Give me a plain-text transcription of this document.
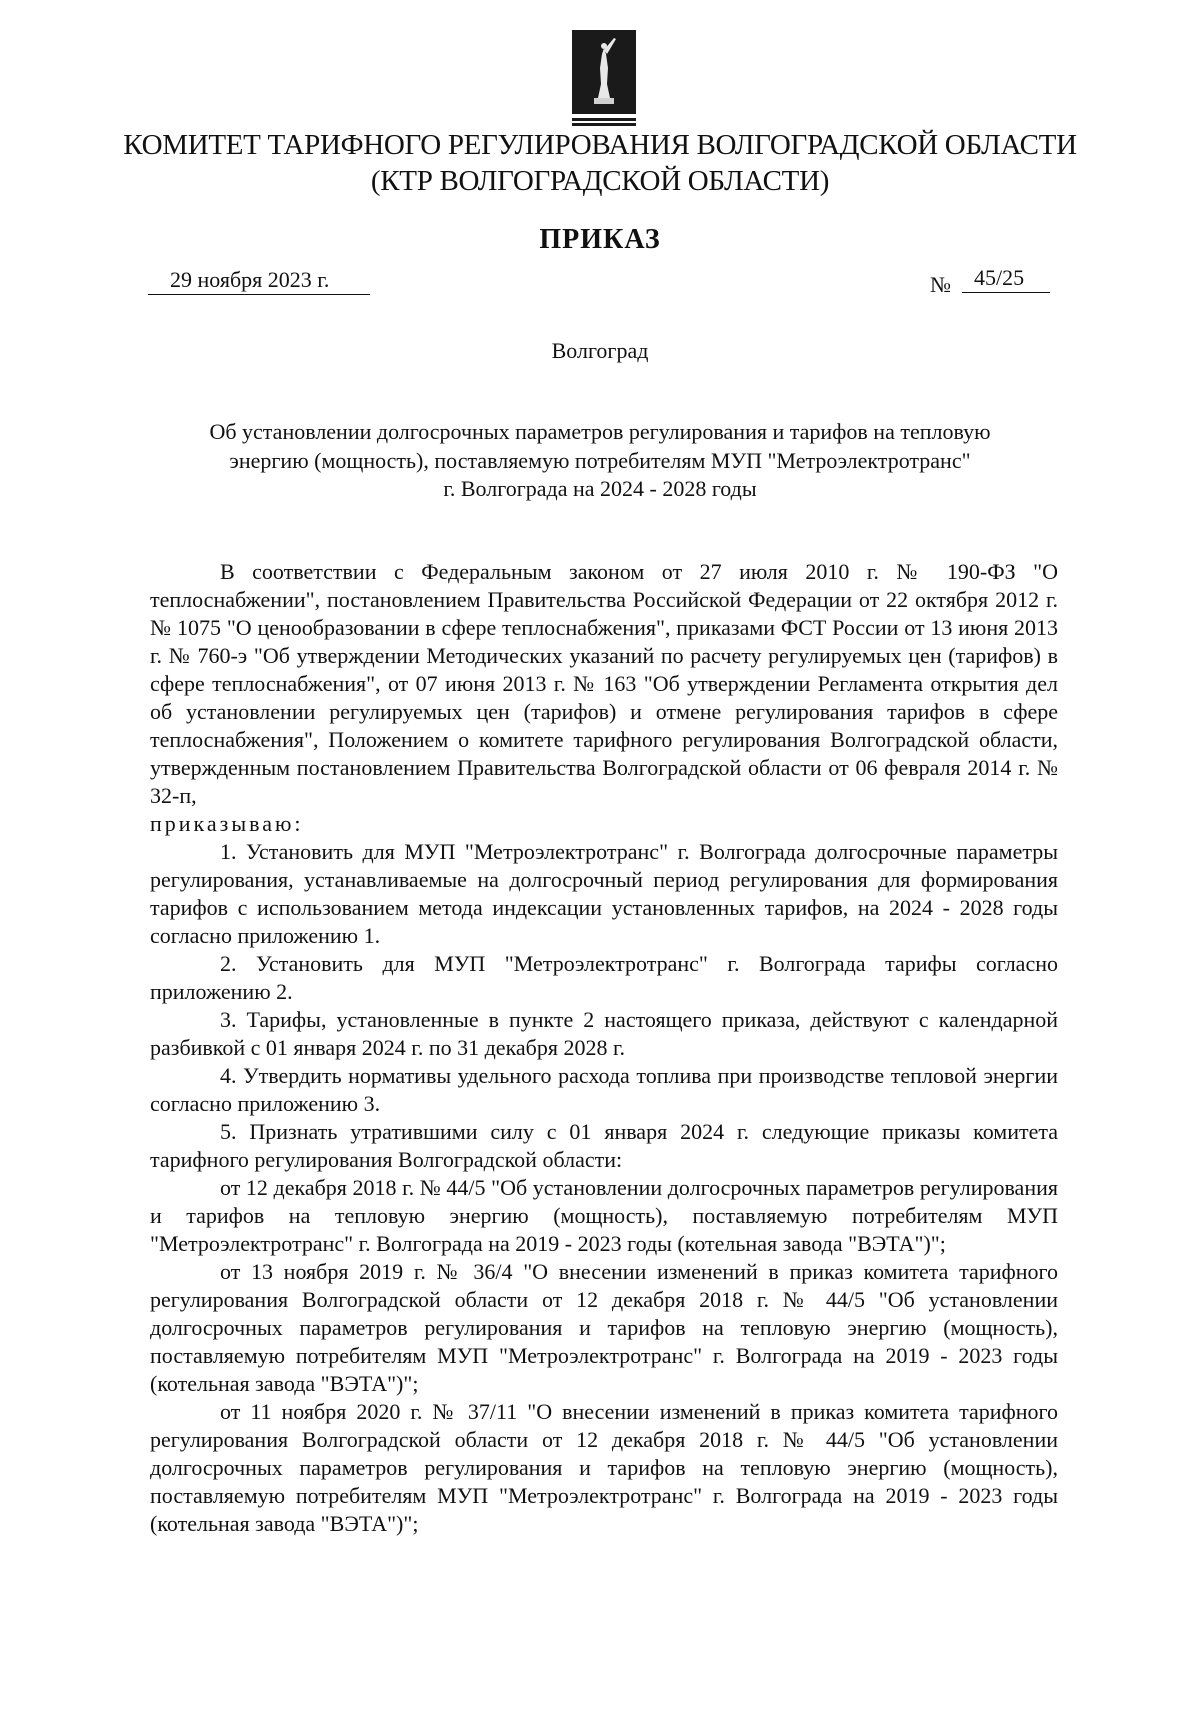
КОМИТЕТ ТАРИФНОГО РЕГУЛИРОВАНИЯ ВОЛГОГРАДСКОЙ ОБЛАСТИ
(КТР ВОЛГОГРАДСКОЙ ОБЛАСТИ)
ПРИКАЗ
29 ноября 2023 г.	№	45/25
Волгоград
Об установлении долгосрочных параметров регулирования и тарифов на тепловую
энергию (мощность), поставляемую потребителям МУП "Метроэлектротранс"
г. Волгограда на 2024 - 2028 годы

В соответствии с Федеральным законом от 27 июля 2010 г. № 190-ФЗ "О теплоснабжении", постановлением Правительства Российской Федерации от 22 октября 2012 г. № 1075 "О ценообразовании в сфере теплоснабжения", приказами ФСТ России от 13 июня 2013 г. № 760-э "Об утверждении Методических указаний по расчету регулируемых цен (тарифов) в сфере теплоснабжения", от 07 июня 2013 г. № 163 "Об утверждении Регламента открытия дел об установлении регулируемых цен (тарифов) и отмене регулирования тарифов в сфере теплоснабжения", Положением о комитете тарифного регулирования Волгоградской области, утвержденным постановлением Правительства Волгоградской области от 06 февраля 2014 г. № 32-п,

приказываю:

1. Установить для МУП "Метроэлектротранс" г. Волгограда долгосрочные параметры регулирования, устанавливаемые на долгосрочный период регулирования для формирования тарифов с использованием метода индексации установленных тарифов, на 2024 - 2028 годы согласно приложению 1.

2. Установить для МУП "Метроэлектротранс" г. Волгограда тарифы согласно приложению 2.

3. Тарифы, установленные в пункте 2 настоящего приказа, действуют с календарной разбивкой с 01 января 2024 г. по 31 декабря 2028 г.

4. Утвердить нормативы удельного расхода топлива при производстве тепловой энергии согласно приложению 3.

5. Признать утратившими силу с 01 января 2024 г. следующие приказы комитета тарифного регулирования Волгоградской области:

от 12 декабря 2018 г. № 44/5 "Об установлении долгосрочных параметров регулирования и тарифов на тепловую энергию (мощность), поставляемую потребителям МУП "Метроэлектротранс" г. Волгограда на 2019 - 2023 годы (котельная завода "ВЭТА")";

от 13 ноября 2019 г. № 36/4 "О внесении изменений в приказ комитета тарифного регулирования Волгоградской области от 12 декабря 2018 г. № 44/5 "Об установлении долгосрочных параметров регулирования и тарифов на тепловую энергию (мощность), поставляемую потребителям МУП "Метроэлектротранс" г. Волгограда на 2019 - 2023 годы (котельная завода "ВЭТА")";

от 11 ноября 2020 г. № 37/11 "О внесении изменений в приказ комитета тарифного регулирования Волгоградской области от 12 декабря 2018 г. № 44/5 "Об установлении долгосрочных параметров регулирования и тарифов на тепловую энергию (мощность), поставляемую потребителям МУП "Метроэлектротранс" г. Волгограда на 2019 - 2023 годы (котельная завода "ВЭТА")";
